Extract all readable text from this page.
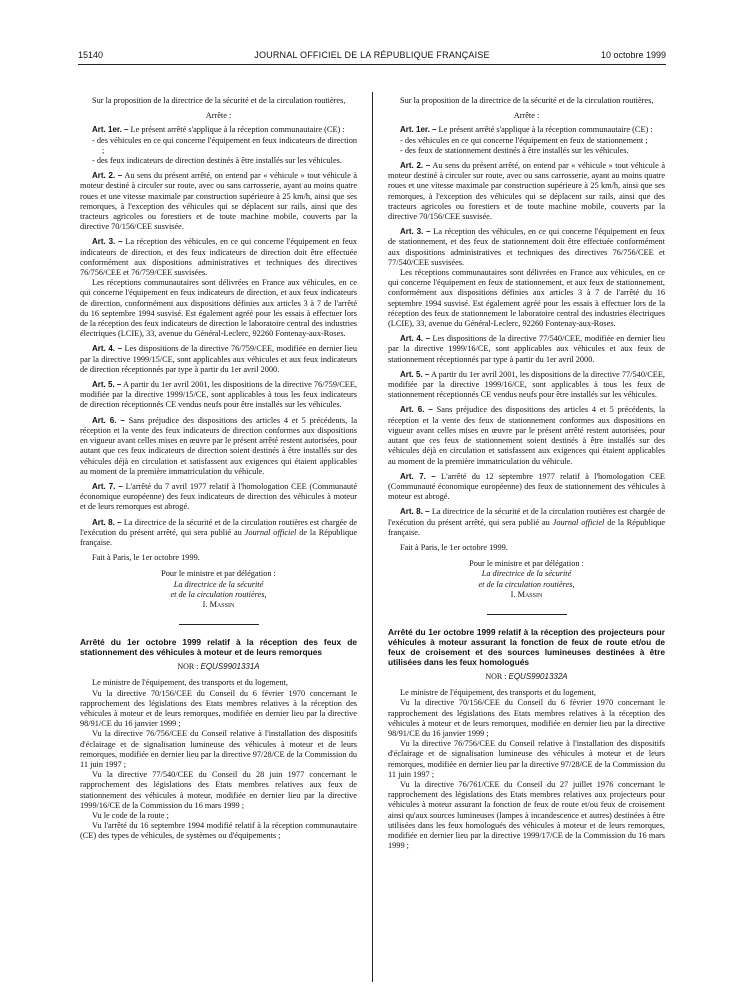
15140	JOURNAL OFFICIEL DE LA RÉPUBLIQUE FRANÇAISE	10 octobre 1999

Sur la proposition de la directrice de la sécurité et de la circulation routières,

Arrête :

Art. 1er. – Le présent arrêté s'applique à la réception communautaire (CE) :

- des véhicules en ce qui concerne l'équipement en feux indicateurs de direction ;
- des feux indicateurs de direction destinés à être installés sur les véhicules.

Art. 2. – Au sens du présent arrêté, on entend par « véhicule » tout véhicule à moteur destiné à circuler sur route, avec ou sans carrosserie, ayant au moins quatre roues et une vitesse maximale par construction supérieure à 25 km/h, ainsi que ses remorques, à l'exception des véhicules qui se déplacent sur rails, ainsi que des tracteurs agricoles ou forestiers et de toute machine mobile, couverts par la directive 70/156/CEE susvisée.

Art. 3. – La réception des véhicules, en ce qui concerne l'équipement en feux indicateurs de direction, et des feux indicateurs de direction doit être effectuée conformément aux dispositions administratives et techniques des directives 76/756/CEE et 76/759/CEE susvisées.

Les réceptions communautaires sont délivrées en France aux véhicules, en ce qui concerne l'équipement en feux indicateurs de direction, et aux feux indicateurs de direction, conformément aux dispositions définies aux articles 3 à 7 de l'arrêté du 16 septembre 1994 susvisé. Est également agréé pour les essais à effectuer lors de la réception des feux indicateurs de direction le laboratoire central des industries électriques (LCIE), 33, avenue du Général-Leclerc, 92260 Fontenay-aux-Roses.

Art. 4. – Les dispositions de la directive 76/759/CEE, modifiée en dernier lieu par la directive 1999/15/CE, sont applicables aux véhicules et aux feux indicateurs de direction réceptionnés par type à partir du 1er avril 2000.

Art. 5. – A partir du 1er avril 2001, les dispositions de la directive 76/759/CEE, modifiée par la directive 1999/15/CE, sont applicables à tous les feux indicateurs de direction réceptionnés CE vendus neufs pour être installés sur les véhicules.

Art. 6. – Sans préjudice des dispositions des articles 4 et 5 précédents, la réception et la vente des feux indicateurs de direction conformes aux dispositions en vigueur avant celles mises en œuvre par le présent arrêté restent autorisées, pour autant que ces feux indicateurs de direction soient destinés à être installés sur des véhicules déjà en circulation et satisfassent aux exigences qui étaient applicables au moment de la première immatriculation du véhicule.

Art. 7. – L'arrêté du 7 avril 1977 relatif à l'homologation CEE (Communauté économique européenne) des feux indicateurs de direction des véhicules à moteur et de leurs remorques est abrogé.

Art. 8. – La directrice de la sécurité et de la circulation routières est chargée de l'exécution du présent arrêté, qui sera publié au Journal officiel de la République française.

Fait à Paris, le 1er octobre 1999.

Pour le ministre et par délégation :
La directrice de la sécurité
et de la circulation routières,
I. Massin

Arrêté du 1er octobre 1999 relatif à la réception des feux de stationnement des véhicules à moteur et de leurs remorques

NOR : EQUS9901331A

Le ministre de l'équipement, des transports et du logement,

Vu la directive 70/156/CEE du Conseil du 6 février 1970 concernant le rapprochement des législations des Etats membres relatives à la réception des véhicules à moteur et de leurs remorques, modifiée en dernier lieu par la directive 98/91/CE du 16 janvier 1999 ;

Vu la directive 76/756/CEE du Conseil relative à l'installation des dispositifs d'éclairage et de signalisation lumineuse des véhicules à moteur et de leurs remorques, modifiée en dernier lieu par la directive 97/28/CE de la Commission du 11 juin 1997 ;

Vu la directive 77/540/CEE du Conseil du 28 juin 1977 concernant le rapprochement des législations des Etats membres relatives aux feux de stationnement des véhicules à moteur, modifiée en dernier lieu par la directive 1999/16/CE de la Commission du 16 mars 1999 ;

Vu le code de la route ;

Vu l'arrêté du 16 septembre 1994 modifié relatif à la réception communautaire (CE) des types de véhicules, de systèmes ou d'équipements ;

Sur la proposition de la directrice de la sécurité et de la circulation routières,

Arrête :

Art. 1er. – Le présent arrêté s'applique à la réception communautaire (CE) :

- des véhicules en ce qui concerne l'équipement en feux de stationnement ;
- des feux de stationnement destinés à être installés sur les véhicules.

Art. 2. – Au sens du présent arrêté, on entend par « véhicule » tout véhicule à moteur destiné à circuler sur route, avec ou sans carrosserie, ayant au moins quatre roues et une vitesse maximale par construction supérieure à 25 km/h, ainsi que ses remorques, à l'exception des véhicules qui se déplacent sur rails, ainsi que des tracteurs agricoles ou forestiers et de toute machine mobile, couverts par la directive 70/156/CEE susvisée.

Art. 3. – La réception des véhicules, en ce qui concerne l'équipement en feux de stationnement, et des feux de stationnement doit être effectuée conformément aux dispositions administratives et techniques des directives 76/756/CEE et 77/540/CEE susvisées.

Les réceptions communautaires sont délivrées en France aux véhicules, en ce qui concerne l'équipement en feux de stationnement, et aux feux de stationnement, conformément aux dispositions définies aux articles 3 à 7 de l'arrêté du 16 septembre 1994 susvisé. Est également agréé pour les essais à effectuer lors de la réception des feux de stationnement le laboratoire central des industries électriques (LCIE), 33, avenue du Général-Leclerc, 92260 Fontenay-aux-Roses.

Art. 4. – Les dispositions de la directive 77/540/CEE, modifiée en dernier lieu par la directive 1999/16/CE, sont applicables aux véhicules et aux feux de stationnement réceptionnés par type à partir du 1er avril 2000.

Art. 5. – A partir du 1er avril 2001, les dispositions de la directive 77/540/CEE, modifiée par la directive 1999/16/CE, sont applicables à tous les feux de stationnement réceptionnés CE vendus neufs pour être installés sur les véhicules.

Art. 6. – Sans préjudice des dispositions des articles 4 et 5 précédents, la réception et la vente des feux de stationnement conformes aux dispositions en vigueur avant celles mises en œuvre par le présent arrêté restent autorisées, pour autant que ces feux de stationnement soient destinés à être installés sur des véhicules déjà en circulation et satisfassent aux exigences qui étaient applicables au moment de la première immatriculation du véhicule.

Art. 7. – L'arrêté du 12 septembre 1977 relatif à l'homologation CEE (Communauté économique européenne) des feux de stationnement des véhicules à moteur est abrogé.

Art. 8. – La directrice de la sécurité et de la circulation routières est chargée de l'exécution du présent arrêté, qui sera publié au Journal officiel de la République française.

Fait à Paris, le 1er octobre 1999.

Pour le ministre et par délégation :
La directrice de la sécurité
et de la circulation routières,
I. Massin

Arrêté du 1er octobre 1999 relatif à la réception des projecteurs pour véhicules à moteur assurant la fonction de feux de route et/ou de feux de croisement et des sources lumineuses destinées à être utilisées dans les feux homologués

NOR : EQUS9901332A

Le ministre de l'équipement, des transports et du logement,

Vu la directive 70/156/CEE du Conseil du 6 février 1970 concernant le rapprochement des législations des Etats membres relatives à la réception des véhicules à moteur et de leurs remorques, modifiée en dernier lieu par la directive 98/91/CE du 16 janvier 1999 ;

Vu la directive 76/756/CEE du Conseil relative à l'installation des dispositifs d'éclairage et de signalisation lumineuse des véhicules à moteur et de leurs remorques, modifiée en dernier lieu par la directive 97/28/CE de la Commission du 11 juin 1997 ;

Vu la directive 76/761/CEE du Conseil du 27 juillet 1976 concernant le rapprochement des législations des Etats membres relatives aux projecteurs pour véhicules à moteur assurant la fonction de feux de route et/ou feux de croisement ainsi qu'aux sources lumineuses (lampes à incandescence et autres) destinées à être utilisées dans les feux homologués des véhicules à moteur et de leurs remorques, modifiée en dernier lieu par la directive 1999/17/CE de la Commission du 16 mars 1999 ;
